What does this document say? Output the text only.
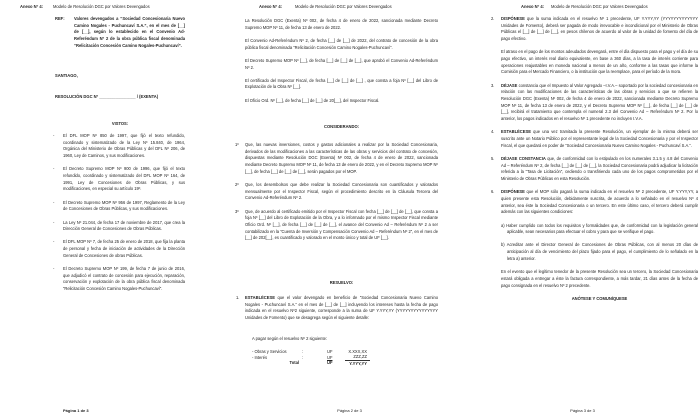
Anexo N° 4: Modelo de Resolución DGC por Valores Devengados
REF: Valores devengados a “Sociedad Concesionaria Nuevo Camino Nogales - Puchuncaví S.A.”, en el mes de [__] de [__], según lo establecido en el Convenio Ad-Referéndum Nº 2 de la obra pública fiscal denominada “Relicitación Concesión Camino Nogales-Puchuncaví”.
SANTIAGO,
RESOLUCIÓN DGC Nº ________________ / (EXENTA)
VISTOS:
- El DFL MOP Nº 850 de 1997, que fijó el texto refundido, coordinado y sistematizado de la Ley Nº 15.840, de 1964, Orgánica del Ministerio de Obras Públicas y del DFL Nº 206, de 1960, Ley de Caminos, y sus modificaciones.
- El Decreto Supremo MOP Nº 900 de 1996, que fijó el texto refundido, coordinado y sistematizado del DFL MOP Nº 164, de 1991, Ley de Concesiones de Obras Públicas, y sus modificaciones, en especial su artículo 19º.
- El Decreto Supremo MOP Nº 956 de 1997, Reglamento de la Ley de Concesiones de Obras Públicas, y sus modificaciones.
- La Ley Nº 21.044, de fecha 17 de noviembre de 2017, que crea la Dirección General de Concesiones de Obras Públicas.
- El DFL MOP Nº 7, de fecha 25 de enero de 2018, que fija la planta de personal y fecha de iniciación de actividades de la Dirección General de Concesiones de obras Públicas.
- El Decreto Supremo MOP Nº 199, de fecha 7 de junio de 2016, que adjudicó el contrato de concesión para ejecución, reparación, conservación y explotación de la obra pública fiscal denominada “Relicitación Concesión Camino Nogales-Puchuncaví”.
Página 1 de 3
Anexo N° 4:	Modelo de Resolución DGC por Valores Devengados
La Resolución DGC (Exenta) Nº 002, de fecha 4 de enero de 2022, sancionada mediante Decreto Supremo MOP Nº 11, de fecha 13 de enero de 2022.
El Convenio Ad-Referéndum Nº 2, de fecha [__] de [__] de 2022, del contrato de concesión de la obra pública fiscal denominada “Relicitación Concesión Camino Nogales-Puchuncaví”.
El Decreto Supremo MOP Nº [__], de fecha [__] de [__] de [__], que aprobó el Convenio Ad-Referéndum Nº 2.
El certificado del Inspector Fiscal, de fecha [__] de [__] de [__] , que consta a foja Nº [__] del Libro de Explotación de la Obra Nº [__].
El Oficio Ord. Nº [__], de fecha [__] de [__] de 20[__], del Inspector Fiscal.
CONSIDERANDO:
1º Que, las nuevas inversiones, costos y gastos adicionales a realizar por la Sociedad Concesionaria, derivados de las modificaciones a las características de las obras y servicios del contrato de concesión, dispuestas mediante Resolución DGC (Exenta) Nº 002, de fecha 4 de enero de 2022, sancionada mediante Decreto Supremo MOP Nº 11, de fecha 13 de enero de 2022, y en el Decreto Supremo MOP Nº [__], de fecha [__] de [__] de [__], serán pagados por el MOP.
2º Que, los desembolsos que debe realizar la Sociedad Concesionaria son cuantificados y valorados mensualmente por el Inspector Fiscal, según el procedimiento descrito en la Cláusula Tercera del Convenio Ad-Referéndum Nº 2.
3º Que, de acuerdo al certificado emitido por el Inspector Fiscal con fecha [__] de [__] de [__], que consta a foja Nº [__] del Libro de Explotación de la Obra, y a lo informado por el mismo Inspector Fiscal mediante Oficio Ord. Nº [__], de fecha [__] de [__] de [__], el avance del Convenio Ad – Referéndum Nº 2 a ser contabilizado en la “Cuenta de Inversión y Compensación Convenio Ad – Referéndum Nº 2”, en el mes de [__] de 202[__], es cuantificado y valorado en el monto único y total de UF [__].
RESUELVO:
1. ESTABLÉCESE que el valor devengado en beneficio de “Sociedad Concesionaria Nuevo Camino Nogales - Puchuncaví S.A.” en el mes de [__] de [__] incluyendo los intereses hasta la fecha de pago indicada en el resuelvo Nº2 siguiente, corresponde a la suma de UF Y.YYY,YY (YYYYYYYYYYYYYYY Unidades de Fomento) que se desagrega según el siguiente detalle:
A pagar según el resuelvo Nº 2 siguiente:
- Obras y Servicios	:	UF	X.XXX,XX
- Interés	:	UF	ZZZ,ZZ
Total		UF	Y.YYY,YY
Página 2 de 3
Anexo N° 4: Modelo de Resolución DGC por Valores Devengados
2. DISPÓNESE que la suma indicada en el resuelvo Nº 1 precedente, UF Y.YYY,YY (YYYYYYYYYYYYY Unidades de Fomento), deberá ser pagada de modo irrevocable e incondicional por el Ministerio de Obras Públicas el [__] de [__] de [__], en pesos chilenos de acuerdo al valor de la unidad de fomento del día de pago efectivo.
El atraso en el pago de los montos adeudados devengará, entre el día dispuesto para el pago y el día de su pago efectivo, un interés real diario equivalente, en base a 360 días, a la tasa de interés corriente para operaciones reajustables en moneda nacional a menos de un año, conforme a las tasas que informe la Comisión para el Mercado Financiero, o la institución que la reemplace, para el período de la mora.
3. DÉJASE constancia que el Impuesto al Valor Agregado –I.V.A.– soportado por la sociedad concesionaria en relación con las modificaciones de las características de las obras y servicios a que se refieren la Resolución DGC (Exenta) Nº 002, de fecha 4 de enero de 2022, sancionada mediante Decreto Supremo MOP Nº 11, de fecha 13 de enero de 2022, y el Decreto Supremo MOP Nº [__], de fecha [__] de [__] de [__], recibirá el tratamiento que contempla el numeral 2.3 del Convenio Ad – Referéndum Nº 2. Por lo anterior, los pagos indicados en el resuelvo Nº 1 precedente no incluyen I.V.A.
4. ESTABLÉCESE que una vez tramitada la presente Resolución, un ejemplar de la misma deberá ser suscrito ante un Notario Público por el representante legal de la Sociedad Concesionaria y por el Inspector Fiscal, el que quedará en poder de “Sociedad Concesionaria Nuevo Camino Nogales - Puchuncaví S.A.”.
5. DÉJASE CONSTANCIA que, de conformidad con lo estipulado en los numerales 3.1.5 y 4.8 del Convenio Ad – Referéndum Nº 2, de fecha [__] de [__] de [__], la Sociedad Concesionaria podrá adjudicar la licitación referida a la “Tasa de Licitación”, cediendo o transfiriendo cada uno de los pagos comprometidos por el Ministerio de Obras Públicas en esta Resolución.
6. DISPÓNESE que el MOP sólo pagará la suma indicada en el resuelvo Nº 2 precedente, UF Y.YYY,YY, a quien presente esta Resolución, debidamente suscrita, de acuerdo a lo señalado en el resuelvo Nº 4 anterior, sea éste la Sociedad Concesionaria o un tercero. En este último caso, el tercero deberá cumplir además con las siguientes condiciones:
a) Haber cumplido con todos los requisitos y formalidades que, de conformidad con la legislación general aplicable, sean necesarios para efectuar el cobro y para que se verifique el pago.
b) Acreditar ante el Director General de Concesiones de Obras Públicas, con al menos 20 días de anticipación al día de vencimiento del plazo fijado para el pago, el cumplimiento de lo señalado en la letra a) anterior.
En el evento que el legítimo tenedor de la presente Resolución sea un tercero, la Sociedad Concesionaria estará obligada a entregar a éste la factura correspondiente, a más tardar, 21 días antes de la fecha de pago consignada en el resuelvo Nº 2 precedente.
ANÓTESE Y COMUNÍQUESE
Página 3 de 3
